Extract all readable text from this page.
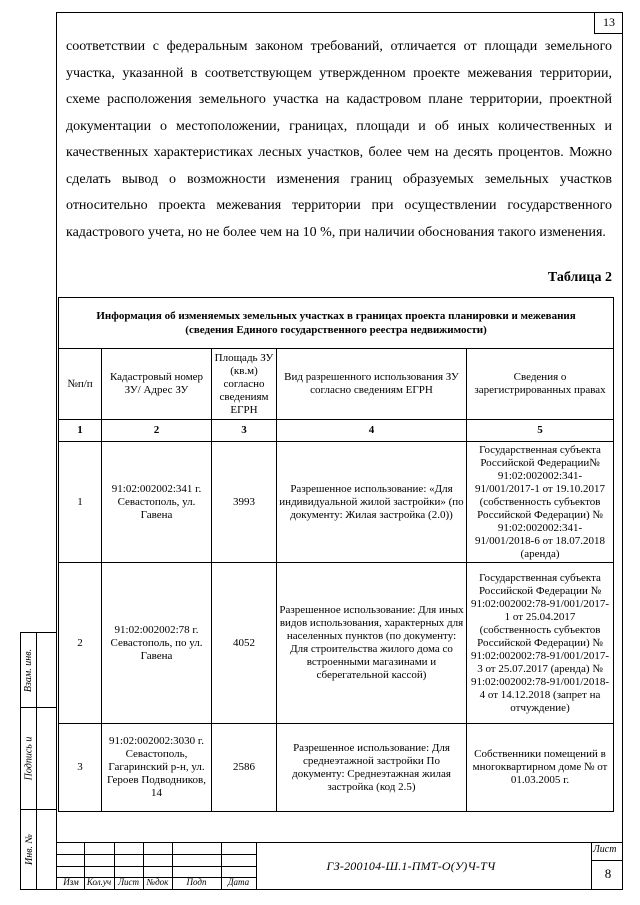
13

соответствии с федеральным законом требований, отличается от площади земельного участка, указанной в соответствующем утвержденном проекте межевания территории, схеме расположения земельного участка на кадастровом плане территории, проектной документации о местоположении, границах, площади и об иных количественных и качественных характеристиках лесных участков, более чем на десять процентов. Можно сделать вывод о возможности изменения границ образуемых земельных участков относительно проекта межевания территории при осуществлении государственного кадастрового учета, но не более чем на 10 %, при наличии обоснования такого изменения.

Таблица 2
Информация об изменяемых земельных участках в границах проекта планировки и межевания
(сведения Единого государственного реестра недвижимости)				
№п/п	Кадастровый номер ЗУ/ Адрес ЗУ	Площадь ЗУ (кв.м) согласно сведениям ЕГРН	Вид разрешенного использования ЗУ согласно сведениям ЕГРН	Сведения о зарегистрированных правах
1	2	3	4	5
1	91:02:002002:341 г. Севастополь, ул. Гавена	3993	Разрешенное использование: «Для индивидуальной жилой застройки» (по документу: Жилая застройка (2.0))	Государственная субъекта Российской Федерации№ 91:02:002002:341-91/001/2017-1 от 19.10.2017 (собственность субъектов Российской Федерации) № 91:02:002002:341-91/001/2018-6 от 18.07.2018 (аренда)
2	91:02:002002:78 г. Севастополь, по ул. Гавена	4052	Разрешенное использование: Для иных видов использования, характерных для населенных пунктов (по документу: Для строительства жилого дома со встроенными магазинами и сберегательной кассой)	Государственная субъекта Российской Федерации № 91:02:002002:78-91/001/2017-1 от 25.04.2017 (собственность субъектов Российской Федерации) № 91:02:002002:78-91/001/2017-3 от 25.07.2017 (аренда) № 91:02:002002:78-91/001/2018-4 от 14.12.2018 (запрет на отчуждение)
3	91:02:002002:3030 г. Севастополь, Гагаринский р-н, ул. Героев Подводников, 14	2586	Разрешенное использование: Для среднеэтажной застройки По документу: Среднеэтажная жилая застройка (код 2.5)	Собственники помещений в многоквартирном доме № от 01.03.2005 г.
Взам. инв.
Подпись и
Инв. №
Изм Кол.уч Лист №док	Подп	Дата
ГЗ-200104-Ш.1-ПМТ-О(У)Ч-ТЧ
Лист
8
